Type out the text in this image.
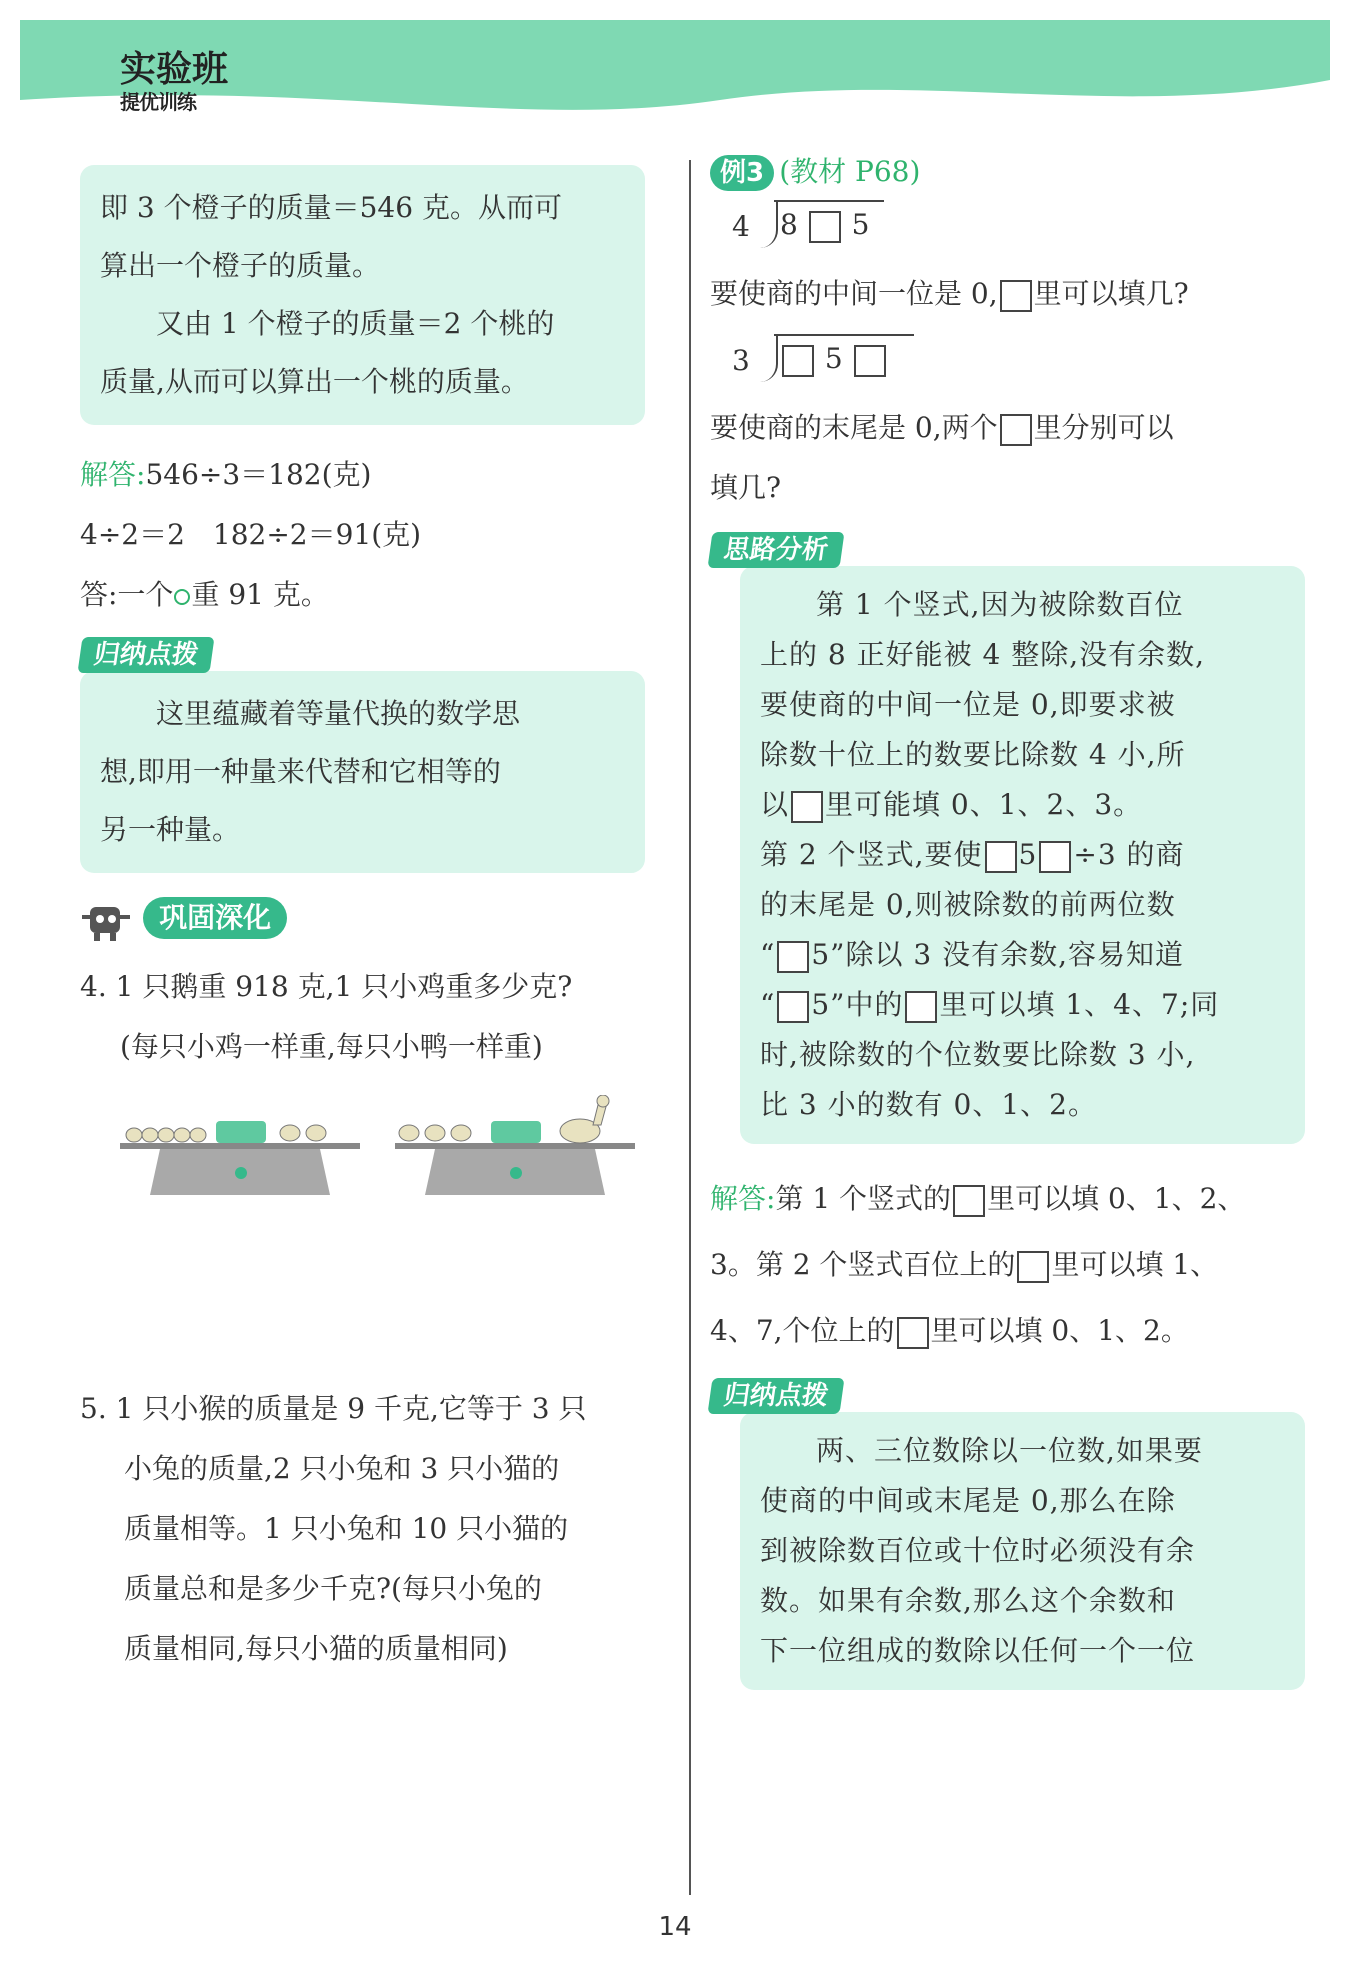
实验班
提优训练
即 3 个橙子的质量＝546 克。从而可
算出一个橙子的质量。
又由 1 个橙子的质量＝2 个桃的
质量,从而可以算出一个桃的质量。
解答:546÷3＝182(克)
4÷2＝2　182÷2＝91(克)
答:一个 重 91 克。
归纳点拨
这里蕴藏着等量代换的数学思
想,即用一种量来代替和它相等的
另一种量。
巩固深化
4. 1 只鹅重 918 克,1 只小鸡重多少克?
(每只小鸡一样重,每只小鸭一样重)
5. 1 只小猴的质量是 9 千克,它等于 3 只
小兔的质量,2 只小兔和 3 只小猫的
质量相等。1 只小兔和 10 只小猫的
质量总和是多少千克?(每只小兔的
质量相同,每只小猫的质量相同)
例3 (教材 P68)
4 8 5
要使商的中间一位是 0, 里可以填几?
3	5
要使商的末尾是 0,两个 里分别可以
填几?
思路分析
第 1 个竖式,因为被除数百位
上的 8 正好能被 4 整除,没有余数,
要使商的中间一位是 0,即要求被
除数十位上的数要比除数 4 小,所
以 里可能填 0、1、2、3。
第 2 个竖式,要使 5 ÷3 的商
的末尾是 0,则被除数的前两位数
“ 5”除以 3 没有余数,容易知道
“ 5”中的 里可以填 1、4、7;同
时,被除数的个位数要比除数 3 小,
比 3 小的数有 0、1、2。
解答:第 1 个竖式的 里可以填 0、1、2、
3。第 2 个竖式百位上的 里可以填 1、
4、7,个位上的 里可以填 0、1、2。
归纳点拨
两、三位数除以一位数,如果要
使商的中间或末尾是 0,那么在除
到被除数百位或十位时必须没有余
数。如果有余数,那么这个余数和
下一位组成的数除以任何一个一位
14
